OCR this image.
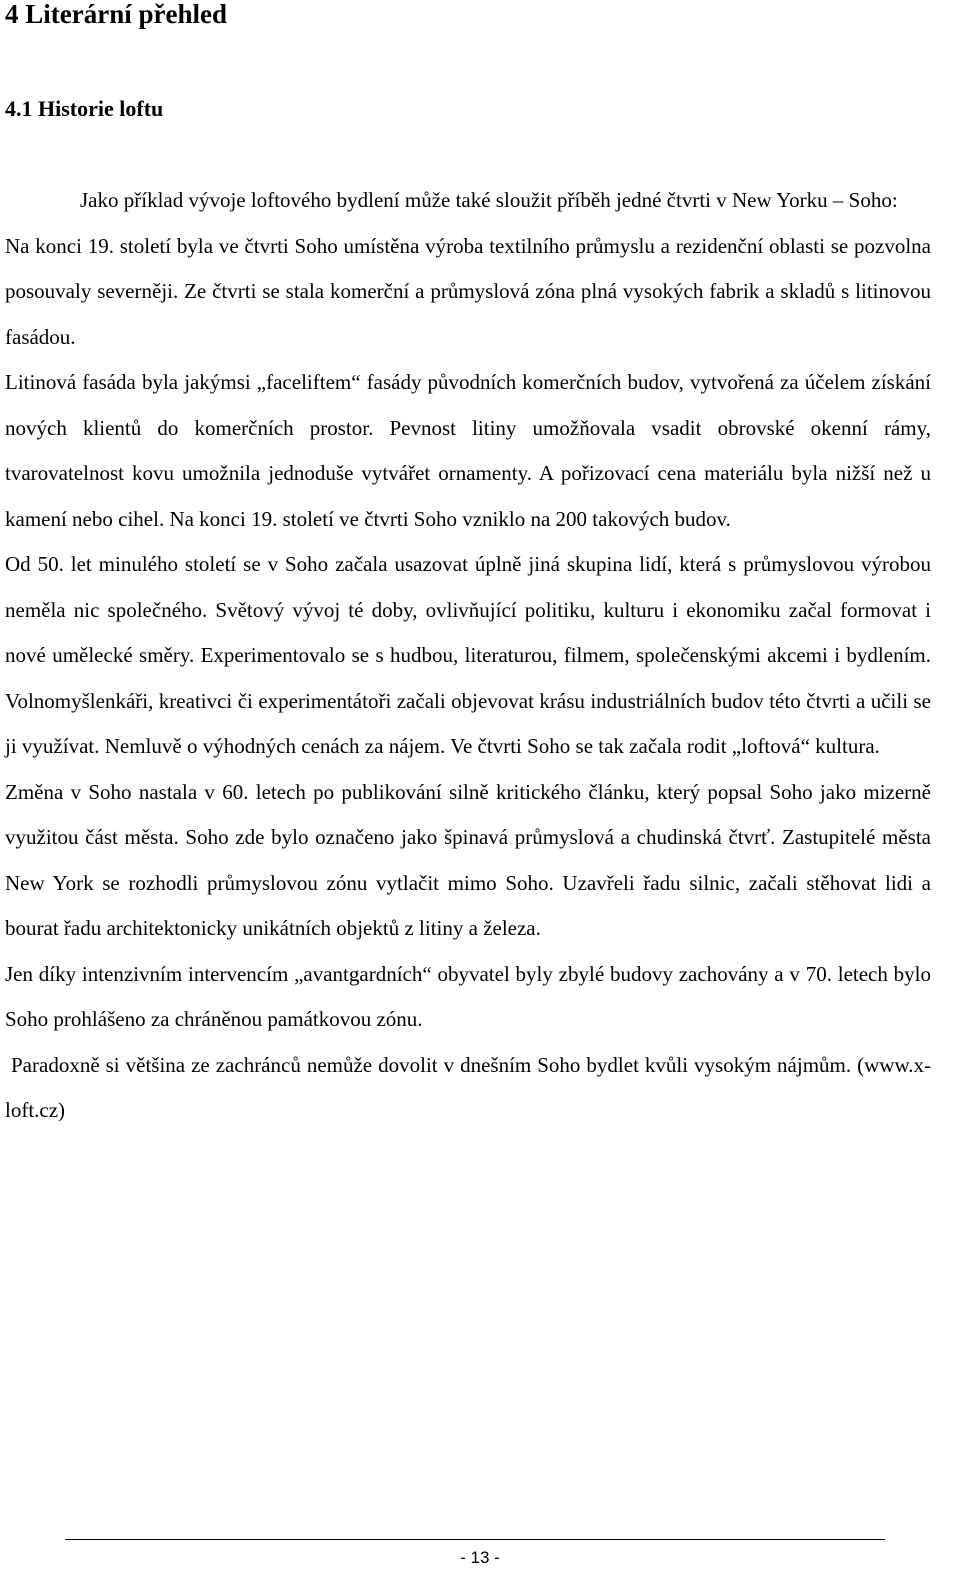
4 Literární přehled
4.1 Historie loftu

Jako příklad vývoje loftového bydlení může také sloužit příběh jedné čtvrti v New Yorku – Soho:

Na konci 19. století byla ve čtvrti Soho umístěna výroba textilního průmyslu a rezidenční oblasti se pozvolna posouvaly severněji. Ze čtvrti se stala komerční a průmyslová zóna plná vysokých fabrik a skladů s litinovou fasádou.

Litinová fasáda byla jakýmsi „faceliftem“ fasády původních komerčních budov, vytvořená za účelem získání nových klientů do komerčních prostor. Pevnost litiny umožňovala vsadit obrovské okenní rámy, tvarovatelnost kovu umožnila jednoduše vytvářet ornamenty. A pořizovací cena materiálu byla nižší než u kamení nebo cihel. Na konci 19. století ve čtvrti Soho vzniklo na 200 takových budov.

Od 50. let minulého století se v Soho začala usazovat úplně jiná skupina lidí, která s průmyslovou výrobou neměla nic společného. Světový vývoj té doby, ovlivňující politiku, kulturu i ekonomiku začal formovat i nové umělecké směry. Experimentovalo se s hudbou, literaturou, filmem, společenskými akcemi i bydlením. Volnomyšlenkáři, kreativci či experimentátoři začali objevovat krásu industriálních budov této čtvrti a učili se ji využívat. Nemluvě o výhodných cenách za nájem. Ve čtvrti Soho se tak začala rodit „loftová“ kultura.

Změna v Soho nastala v 60. letech po publikování silně kritického článku, který popsal Soho jako mizerně využitou část města. Soho zde bylo označeno jako špinavá průmyslová a chudinská čtvrť. Zastupitelé města New York se rozhodli průmyslovou zónu vytlačit mimo Soho. Uzavřeli řadu silnic, začali stěhovat lidi a bourat řadu architektonicky unikátních objektů z litiny a železa.

Jen díky intenzivním intervencím „avantgardních“ obyvatel byly zbylé budovy zachovány a v 70. letech bylo Soho prohlášeno za chráněnou památkovou zónu.

Paradoxně si většina ze zachránců nemůže dovolit v dnešním Soho bydlet kvůli vysokým nájmům. (www.x-loft.cz)

- 13 -
